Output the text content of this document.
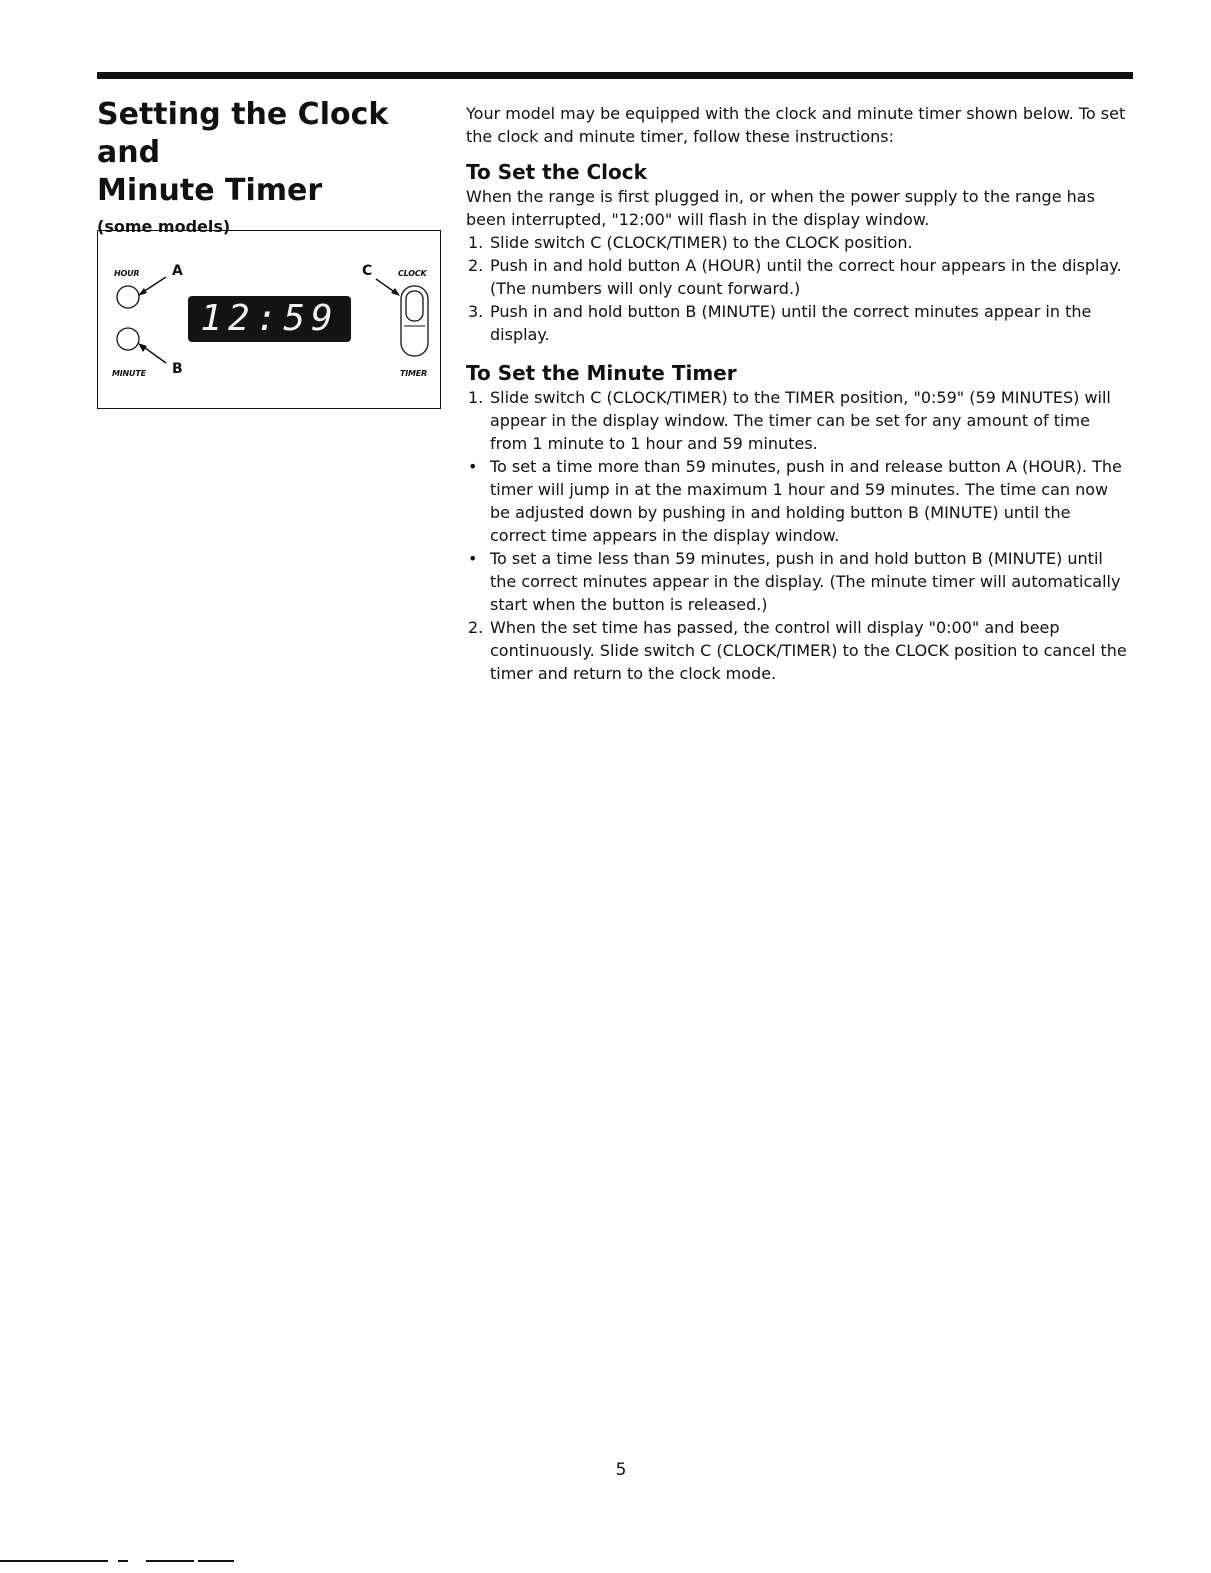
Setting the Clock and
Minute Timer

(some models)

HOUR A
MINUTE B
C	CLOCK
TIMER
12:59

Your model may be equipped with the clock and minute timer shown below. To set the clock and minute timer, follow these instructions:

To Set the Clock

When the range is first plugged in, or when the power supply to the range has been interrupted, "12:00" will flash in the display window.

1. Slide switch C (CLOCK/TIMER) to the CLOCK position.
2. Push in and hold button A (HOUR) until the correct hour appears in the display. (The numbers will only count forward.)
3. Push in and hold button B (MINUTE) until the correct minutes appear in the display.
To Set the Minute Timer
1. Slide switch C (CLOCK/TIMER) to the TIMER position, "0:59" (59 MINUTES) will appear in the display window. The timer can be set for any amount of time from 1 minute to 1 hour and 59 minutes.
• To set a time more than 59 minutes, push in and release button A (HOUR). The timer will jump in at the maximum 1 hour and 59 minutes. The time can now be adjusted down by pushing in and holding button B (MINUTE) until the correct time appears in the display window.
• To set a time less than 59 minutes, push in and hold button B (MINUTE) until the correct minutes appear in the display. (The minute timer will automatically start when the button is released.)
2. When the set time has passed, the control will display "0:00" and beep continuously. Slide switch C (CLOCK/TIMER) to the CLOCK position to cancel the timer and return to the clock mode.
5
